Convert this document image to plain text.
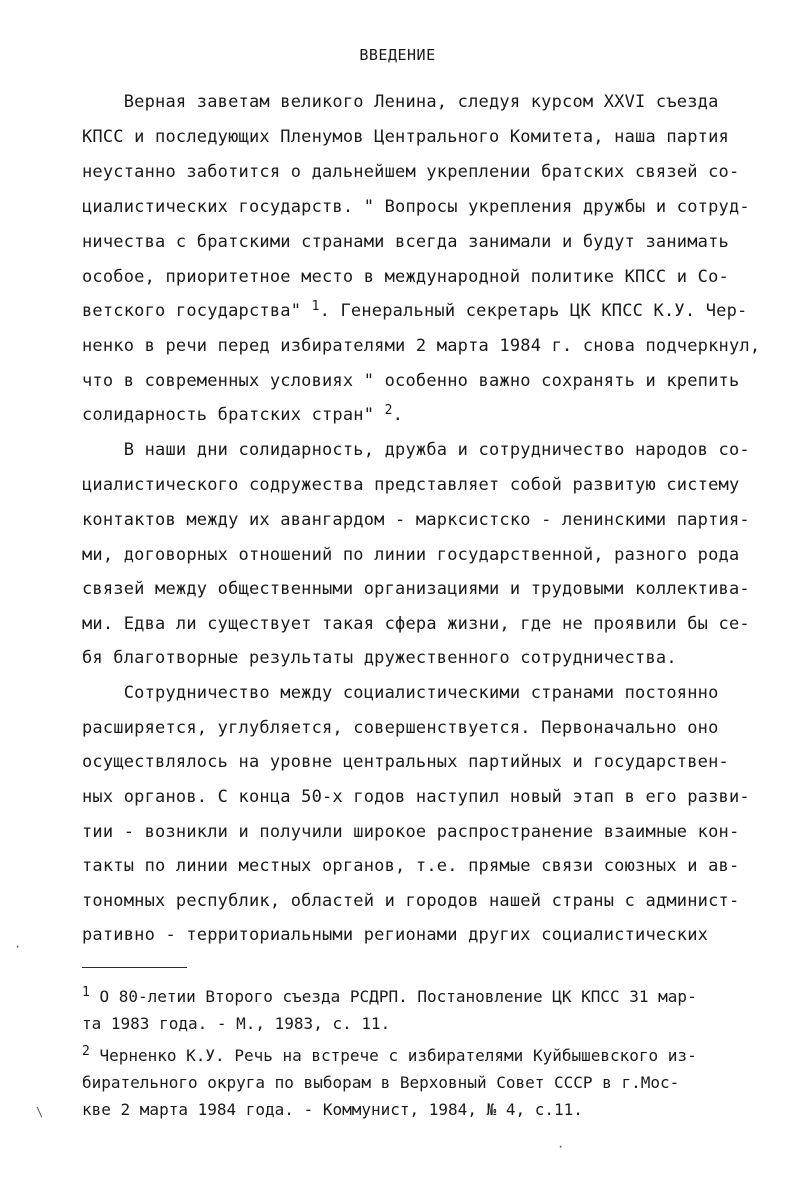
ВВЕДЕНИЕ
Верная заветам великого Ленина, следуя курсом XXVI съезда
КПСС и последующих Пленумов Центрального Комитета, наша партия
неустанно заботится о дальнейшем укреплении братских связей со-
циалистических государств. " Вопросы укрепления дружбы и сотруд-
ничества с братскими странами всегда занимали и будут занимать
особое, приоритетное место в международной политике КПСС и Со-
ветского государства" $^1$. Генеральный секретарь ЦК КПСС К.У. Чер-
ненко в речи перед избирателями 2 марта 1984 г. снова подчеркнул,
что в современных условиях " особенно важно сохранять и крепить
солидарность братских стран" $^2$.
В наши дни солидарность, дружба и сотрудничество народов со-
циалистического содружества представляет собой развитую систему
контактов между их авангардом - марксистско - ленинскими партия-
ми, договорных отношений по линии государственной, разного рода
связей между общественными организациями и трудовыми коллектива-
ми. Едва ли существует такая сфера жизни, где не проявили бы се-
бя благотворные результаты дружественного сотрудничества.
Сотрудничество между социалистическими странами постоянно
расширяется, углубляется, совершенствуется. Первоначально оно
осуществлялось на уровне центральных партийных и государствен-
ных органов. С конца 50-х годов наступил новый этап в его разви-
тии - возникли и получили широкое распространение взаимные кон-
такты по линии местных органов, т.е. прямые связи союзных и ав-
тономных республик, областей и городов нашей страны с админист-
ративно - территориальными регионами других социалистических
$^1$ О 80-летии Второго съезда РСДРП. Постановление ЦК КПСС 31 мар-
та 1983 года. - М., 1983, с. 11.
$^2$ Черненко К.У. Речь на встрече с избирателями Куйбышевского из-
бирательного округа по выборам в Верховный Совет СССР в г.Мос-
кве 2 марта 1984 года. - Коммунист, 1984, № 4, с.11.
\
·
·
